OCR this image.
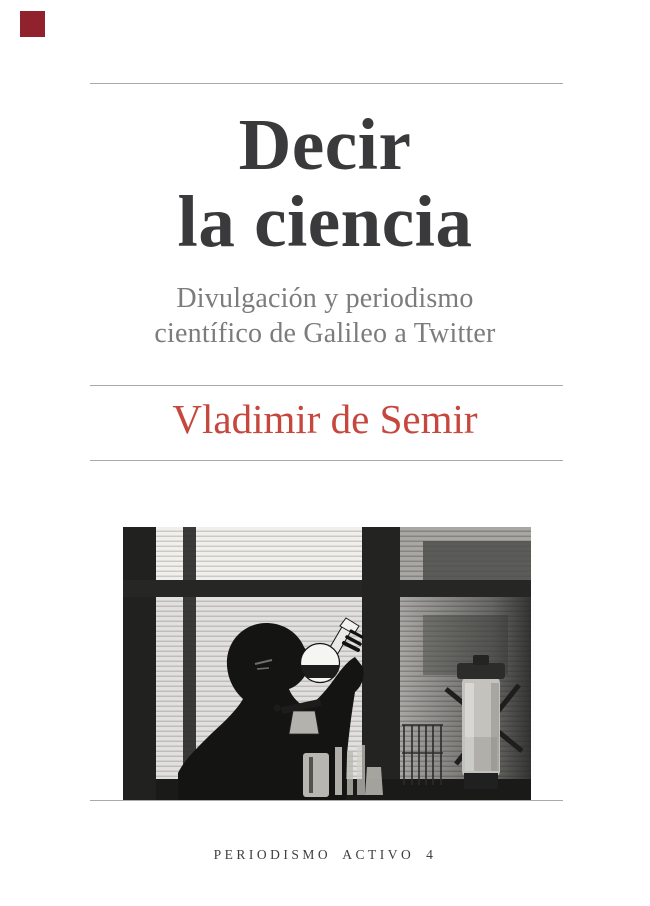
Decir
la ciencia
Divulgación y periodismo
científico de Galileo a Twitter
Vladimir de Semir
PERIODISMO ACTIVO 4
